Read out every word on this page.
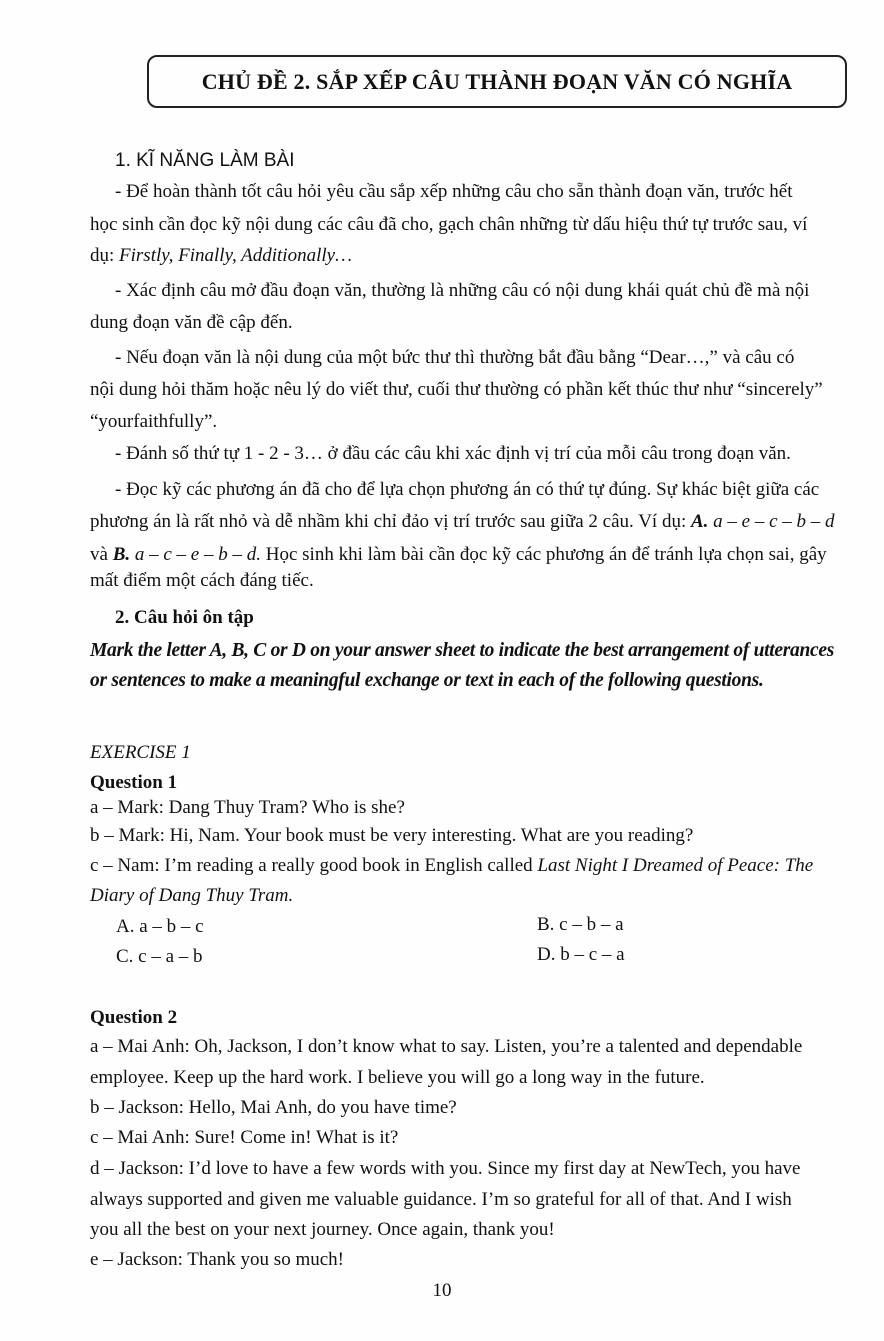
CHỦ ĐỀ 2. SẮP XẾP CÂU THÀNH ĐOẠN VĂN CÓ NGHĨA
1. KĨ NĂNG LÀM BÀI
- Để hoàn thành tốt câu hỏi yêu cầu sắp xếp những câu cho sẵn thành đoạn văn, trước hết
học sinh cần đọc kỹ nội dung các câu đã cho, gạch chân những từ dấu hiệu thứ tự trước sau, ví
dụ: Firstly, Finally, Additionally…
- Xác định câu mở đầu đoạn văn, thường là những câu có nội dung khái quát chủ đề mà nội
dung đoạn văn đề cập đến.
- Nếu đoạn văn là nội dung của một bức thư thì thường bắt đầu bằng “Dear…,” và câu có
nội dung hỏi thăm hoặc nêu lý do viết thư, cuối thư thường có phần kết thúc thư như “sincerely”
“yourfaithfully”.
- Đánh số thứ tự 1 - 2 - 3… ở đầu các câu khi xác định vị trí của mỗi câu trong đoạn văn.
- Đọc kỹ các phương án đã cho để lựa chọn phương án có thứ tự đúng. Sự khác biệt giữa các
phương án là rất nhỏ và dễ nhầm khi chỉ đảo vị trí trước sau giữa 2 câu. Ví dụ: A. a – e – c – b – d
và B. a – c – e – b – d. Học sinh khi làm bài cần đọc kỹ các phương án để tránh lựa chọn sai, gây
mất điểm một cách đáng tiếc.
2. Câu hỏi ôn tập
Mark the letter A, B, C or D on your answer sheet to indicate the best arrangement of utterances
or sentences to make a meaningful exchange or text in each of the following questions.
EXERCISE 1
Question 1
a – Mark: Dang Thuy Tram? Who is she?
b – Mark: Hi, Nam. Your book must be very interesting. What are you reading?
c – Nam: I’m reading a really good book in English called Last Night I Dreamed of Peace: The
Diary of Dang Thuy Tram.
A. a – b – c	B. c – b – a
C. c – a – b	D. b – c – a
Question 2
a – Mai Anh: Oh, Jackson, I don’t know what to say. Listen, you’re a talented and dependable
employee. Keep up the hard work. I believe you will go a long way in the future.
b – Jackson: Hello, Mai Anh, do you have time?
c – Mai Anh: Sure! Come in! What is it?
d – Jackson: I’d love to have a few words with you. Since my first day at NewTech, you have
always supported and given me valuable guidance. I’m so grateful for all of that. And I wish
you all the best on your next journey. Once again, thank you!
e – Jackson: Thank you so much!
10
